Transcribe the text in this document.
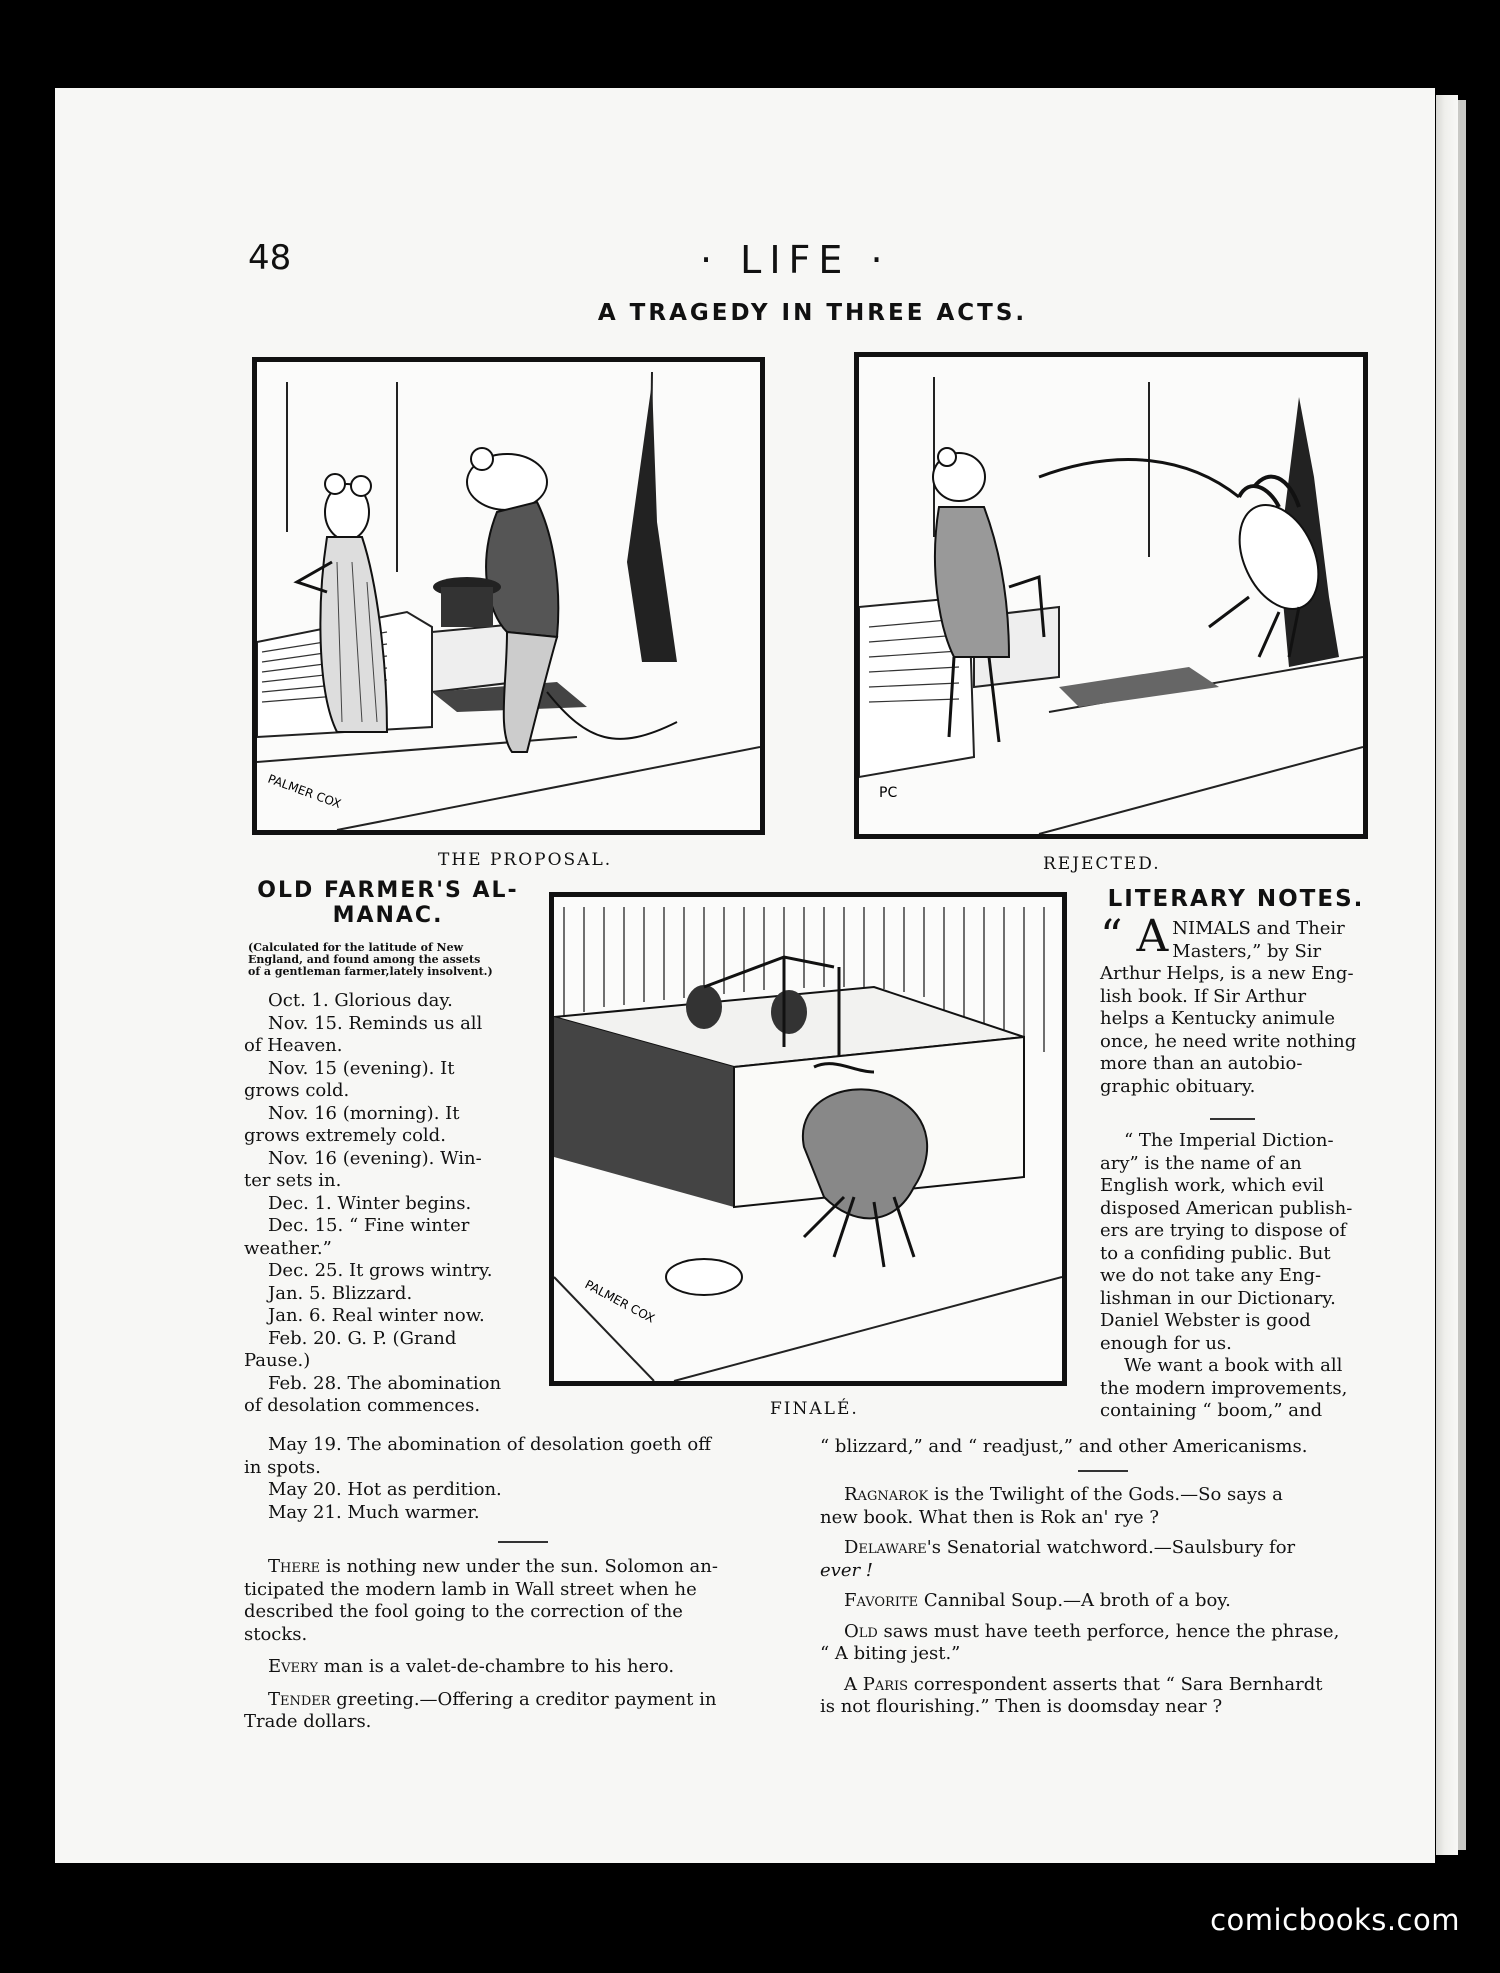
48	· LIFE ·
A TRAGEDY IN THREE ACTS.
PALMER COX
THE PROPOSAL.
PC
REJECTED.
PALMER COX
FINALÉ.
OLD FARMER'S AL-
MANAC.
(Calculated for the latitude of New
England, and found among the assets
of a gentleman farmer,lately insolvent.)
Oct. 1. Glorious day.
Nov. 15. Reminds us all
of Heaven.
Nov. 15 (evening). It
grows cold.
Nov. 16 (morning). It
grows extremely cold.
Nov. 16 (evening). Win-
ter sets in.
Dec. 1. Winter begins.
Dec. 15. “ Fine winter
weather.”
Dec. 25. It grows wintry.
Jan. 5. Blizzard.
Jan. 6. Real winter now.
Feb. 20. G. P. (Grand
Pause.)
Feb. 28. The abomination
of desolation commences.
May 19. The abomination of desolation goeth off
in spots.
May 20. Hot as perdition.
May 21. Much warmer.

There is nothing new under the sun. Solomon an-
ticipated the modern lamb in Wall street when he
described the fool going to the correction of the
stocks.

Every man is a valet-de-chambre to his hero.

Tender greeting.—Offering a creditor payment in
Trade dollars.

LITERARY NOTES.
“ A NIMALS and Their
Masters,” by Sir
Arthur Helps, is a new Eng-
lish book. If Sir Arthur
helps a Kentucky animule
once, he need write nothing
more than an autobio-
graphic obituary.
“ The Imperial Diction-
ary” is the name of an
English work, which evil
disposed American publish-
ers are trying to dispose of
to a confiding public. But
we do not take any Eng-
lishman in our Dictionary.
Daniel Webster is good
enough for us.
We want a book with all
the modern improvements,
containing “ boom,” and
“ blizzard,” and “ readjust,” and other Americanisms.

Ragnarok is the Twilight of the Gods.—So says a
new book. What then is Rok an' rye ?

Delaware's Senatorial watchword.—Saulsbury for
ever !

Favorite Cannibal Soup.—A broth of a boy.

Old saws must have teeth perforce, hence the phrase,
“ A biting jest.”

A Paris correspondent asserts that “ Sara Bernhardt
is not flourishing.” Then is doomsday near ?

comicbooks.com
